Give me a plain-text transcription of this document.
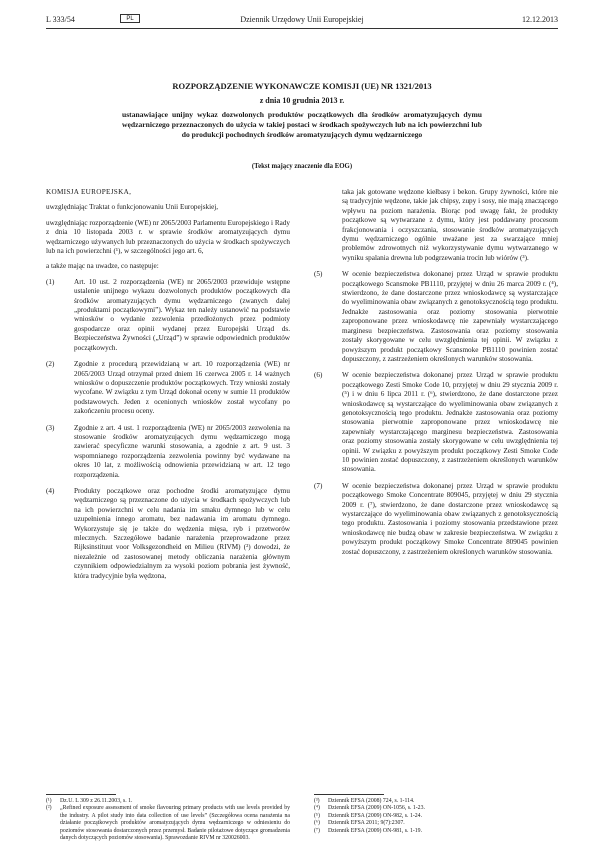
L 333/54	PL	Dziennik Urzędowy Unii Europejskiej	12.12.2013
ROZPORZĄDZENIE WYKONAWCZE KOMISJI (UE) NR 1321/2013
z dnia 10 grudnia 2013 r.
ustanawiające unijny wykaz dozwolonych produktów początkowych dla środków aromatyzujących dymu wędzarniczego przeznaczonych do użycia w takiej postaci w środkach spożywczych lub na ich powierzchni lub do produkcji pochodnych środków aromatyzujących dymu wędzarniczego
(Tekst mający znaczenie dla EOG)
KOMISJA EUROPEJSKA,
uwzględniając Traktat o funkcjonowaniu Unii Europejskiej,
uwzględniając rozporządzenie (WE) nr 2065/2003 Parlamentu Europejskiego i Rady z dnia 10 listopada 2003 r. w sprawie środków aromatyzujących dymu wędzarniczego używanych lub przeznaczonych do użycia w środkach spożywczych lub na ich powierzchni (¹), w szczególności jego art. 6,
a także mając na uwadze, co następuje:
(1)	Art. 10 ust. 2 rozporządzenia (WE) nr 2065/2003 przewiduje wstępne ustalenie unijnego wykazu dozwolonych produktów początkowych dla środków aromatyzujących dymu wędzarniczego (zwanych dalej „produktami początkowymi”). Wykaz ten należy ustanowić na podstawie wniosków o wydanie zezwolenia przedłożonych przez podmioty gospodarcze oraz opinii wydanej przez Europejski Urząd ds. Bezpieczeństwa Żywności („Urząd”) w sprawie odpowiednich produktów początkowych.
(2)	Zgodnie z procedurą przewidzianą w art. 10 rozporządzenia (WE) nr 2065/2003 Urząd otrzymał przed dniem 16 czerwca 2005 r. 14 ważnych wniosków o dopuszczenie produktów początkowych. Trzy wnioski zostały wycofane. W związku z tym Urząd dokonał oceny w sumie 11 produktów podstawowych. Jeden z ocenionych wniosków został wycofany po zakończeniu procesu oceny.
(3)	Zgodnie z art. 4 ust. 1 rozporządzenia (WE) nr 2065/2003 zezwolenia na stosowanie środków aromatyzujących dymu wędzarniczego mogą zawierać specyficzne warunki stosowania, a zgodnie z art. 9 ust. 3 wspomnianego rozporządzenia zezwolenia powinny być wydawane na okres 10 lat, z możliwością odnowienia przewidzianą w art. 12 tego rozporządzenia.
(4)	Produkty początkowe oraz pochodne środki aromatyzujące dymu wędzarniczego są przeznaczone do użycia w środkach spożywczych lub na ich powierzchni w celu nadania im smaku dymnego lub w celu uzupełnienia innego aromatu, bez nadawania im aromatu dymnego. Wykorzystuje się je także do wędzenia mięsa, ryb i przetworów mlecznych. Szczegółowe badanie narażenia przeprowadzone przez Rijksinstituut voor Volksgezondheid en Milieu (RIVM) (²) dowodzi, że niezależnie od zastosowanej metody obliczania narażenia głównym czynnikiem odpowiedzialnym za wysoki poziom pobrania jest żywność, która tradycyjnie była wędzona,
taka jak gotowane wędzone kiełbasy i bekon. Grupy żywności, które nie są tradycyjnie wędzone, takie jak chipsy, zupy i sosy, nie mają znaczącego wpływu na poziom narażenia. Biorąc pod uwagę fakt, że produkty początkowe są wytwarzane z dymu, który jest poddawany procesom frakcjonowania i oczyszczania, stosowanie środków aromatyzujących dymu wędzarniczego ogólnie uważane jest za swarzające mniej problemów zdrowotnych niż wykorzystywanie dymu wytwarzanego w wyniku spalania drewna lub podgrzewania trocin lub wiórów (³).
(5)	W ocenie bezpieczeństwa dokonanej przez Urząd w sprawie produktu początkowego Scansmoke PB1110, przyjętej w dniu 26 marca 2009 r. (⁴), stwierdzono, że dane dostarczone przez wnioskodawcę są wystarczające do wyeliminowania obaw związanych z genotoksycznością tego produktu. Jednakże zastosowania oraz poziomy stosowania pierwotnie zaproponowane przez wnioskodawcę nie zapewniały wystarczającego marginesu bezpieczeństwa. Zastosowania oraz poziomy stosowania zostały skorygowane w celu uwzględnienia tej opinii. W związku z powyższym produkt początkowy Scansmoke PB1110 powinien zostać dopuszczony, z zastrzeżeniem określonych warunków stosowania.
(6)	W ocenie bezpieczeństwa dokonanej przez Urząd w sprawie produktu początkowego Zesti Smoke Code 10, przyjętej w dniu 29 stycznia 2009 r. (⁵) i w dniu 6 lipca 2011 r. (⁶), stwierdzono, że dane dostarczone przez wnioskodawcę są wystarczające do wyeliminowania obaw związanych z genotoksycznością tego produktu. Jednakże zastosowania oraz poziomy stosowania pierwotnie zaproponowane przez wnioskodawcę nie zapewniały wystarczającego marginesu bezpieczeństwa. Zastosowania oraz poziomy stosowania zostały skorygowane w celu uwzględnienia tej opinii. W związku z powyższym produkt początkowy Zesti Smoke Code 10 powinien zostać dopuszczony, z zastrzeżeniem określonych warunków stosowania.
(7)	W ocenie bezpieczeństwa dokonanej przez Urząd w sprawie produktu początkowego Smoke Concentrate 809045, przyjętej w dniu 29 stycznia 2009 r. (⁷), stwierdzono, że dane dostarczone przez wnioskodawcę są wystarczające do wyeliminowania obaw związanych z genotoksycznością tego produktu. Zastosowania i poziomy stosowania przedstawione przez wnioskodawcę nie budzą obaw w zakresie bezpieczeństwa. W związku z powyższym produkt początkowy Smoke Concentrate 809045 powinien zostać dopuszczony, z zastrzeżeniem określonych warunków stosowania.
(¹) Dz.U. L 309 z 26.11.2003, s. 1.
(²) „Refined exposure assessment of smoke flavouring primary products with use levels provided by the industry. A pilot study into data collection of use levels” (Szczegółowa ocena narażenia na działanie początkowych produktów aromatyzujących dymu wędzarniczego w odniesieniu do poziomów stosowania dostarczonych przez przemysł. Badanie pilotażowe dotyczące gromadzenia danych dotyczących poziomów stosowania). Sprawozdanie RIVM nr 320026003.
(³) Dziennik EFSA (2008) 724, s. 1-114.
(⁴) Dziennik EFSA (2009) ON-1056, s. 1-23.
(⁵) Dziennik EFSA (2009) ON-982, s. 1-24.
(⁶) Dziennik EFSA 2011; 9(7):2307.
(⁷) Dziennik EFSA (2009) ON-981, s. 1-19.
